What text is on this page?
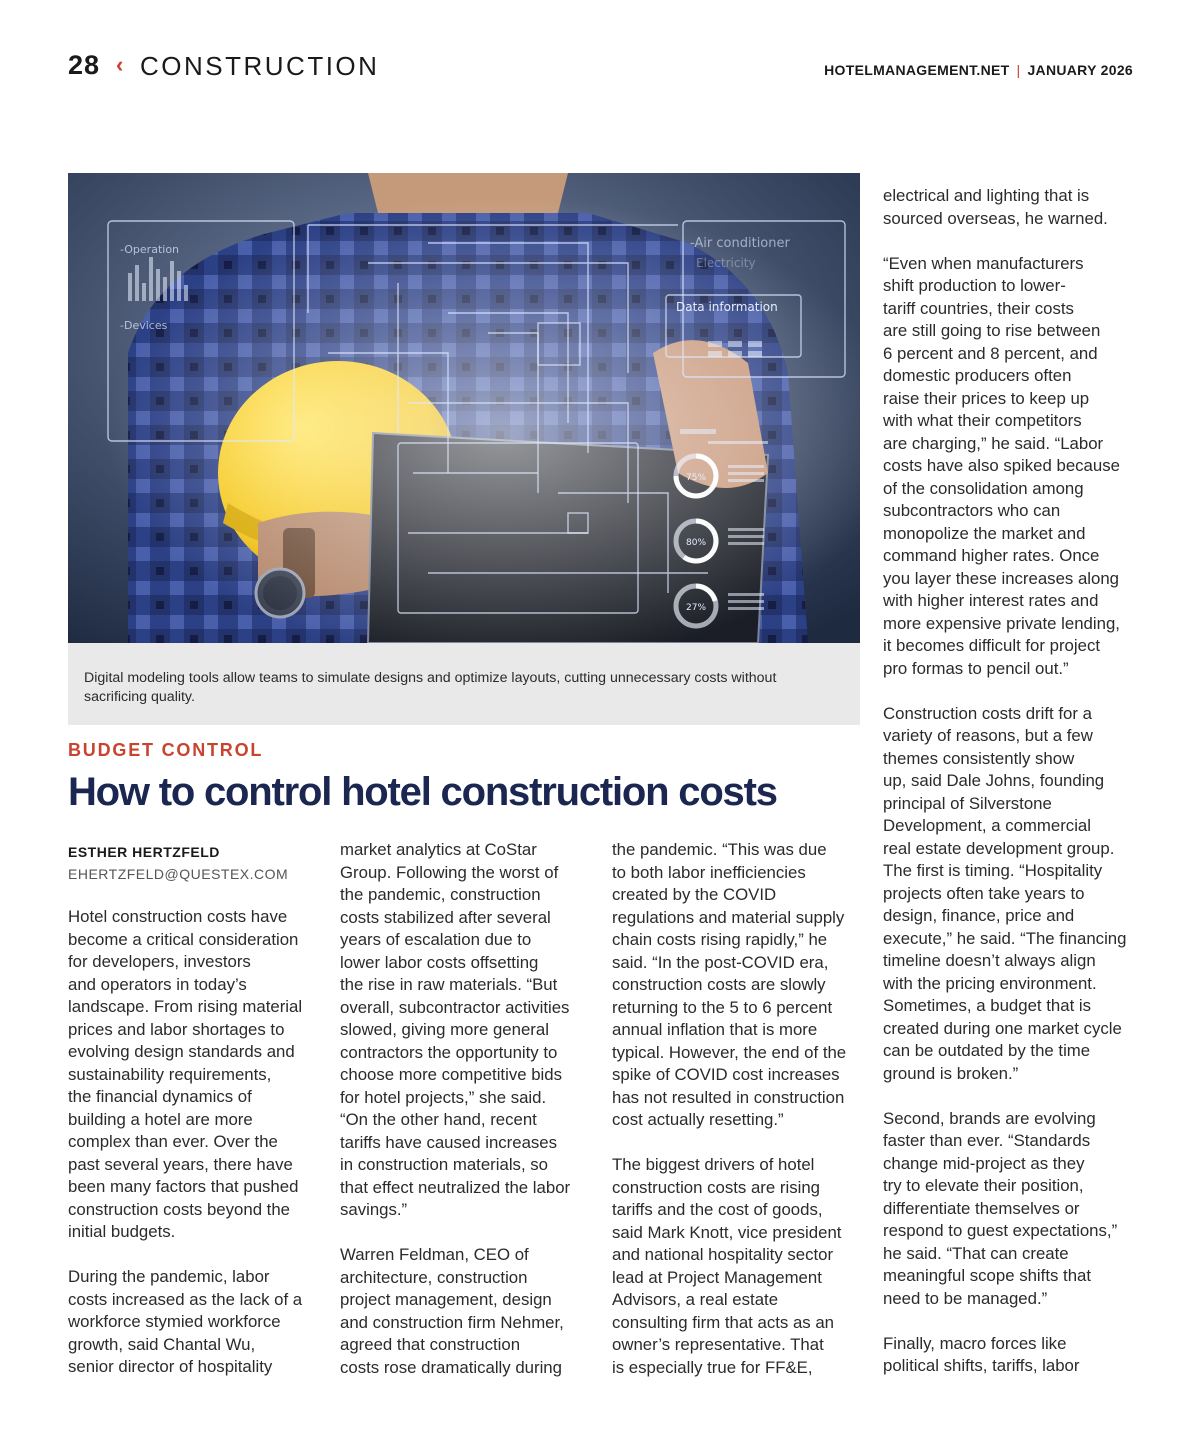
28 ‹ CONSTRUCTION	HOTELMANAGEMENT.NET | JANUARY 2026
-Operation
-Devices
-Air conditioner
Electricity
Data information
75%
80%
27%
Digital modeling tools allow teams to simulate designs and optimize layouts, cutting unnecessary costs without
sacrificing quality.
BUDGET CONTROL
How to control hotel construction costs
ESTHER HERTZFELD
EHERTZFELD@QUESTEX.COM
Hotel construction costs have
become a critical consideration
for developers, investors
and operators in today’s
landscape. From rising material
prices and labor shortages to
evolving design standards and
sustainability requirements,
the financial dynamics of
building a hotel are more
complex than ever. Over the
past several years, there have
been many factors that pushed
construction costs beyond the
initial budgets.
During the pandemic, labor
costs increased as the lack of a
workforce stymied workforce
growth, said Chantal Wu,
senior director of hospitality
market analytics at CoStar
Group. Following the worst of
the pandemic, construction
costs stabilized after several
years of escalation due to
lower labor costs offsetting
the rise in raw materials. “But
overall, subcontractor activities
slowed, giving more general
contractors the opportunity to
choose more competitive bids
for hotel projects,” she said.
“On the other hand, recent
tariffs have caused increases
in construction materials, so
that effect neutralized the labor
savings.”
Warren Feldman, CEO of
architecture, construction
project management, design
and construction firm Nehmer,
agreed that construction
costs rose dramatically during
the pandemic. “This was due
to both labor inefficiencies
created by the COVID
regulations and material supply
chain costs rising rapidly,” he
said. “In the post-COVID era,
construction costs are slowly
returning to the 5 to 6 percent
annual inflation that is more
typical. However, the end of the
spike of COVID cost increases
has not resulted in construction
cost actually resetting.”
The biggest drivers of hotel
construction costs are rising
tariffs and the cost of goods,
said Mark Knott, vice president
and national hospitality sector
lead at Project Management
Advisors, a real estate
consulting firm that acts as an
owner’s representative. That
is especially true for FF&E,
electrical and lighting that is
sourced overseas, he warned.
“Even when manufacturers
shift production to lower-
tariff countries, their costs
are still going to rise between
6 percent and 8 percent, and
domestic producers often
raise their prices to keep up
with what their competitors
are charging,” he said. “Labor
costs have also spiked because
of the consolidation among
subcontractors who can
monopolize the market and
command higher rates. Once
you layer these increases along
with higher interest rates and
more expensive private lending,
it becomes difficult for project
pro formas to pencil out.”
Construction costs drift for a
variety of reasons, but a few
themes consistently show
up, said Dale Johns, founding
principal of Silverstone
Development, a commercial
real estate development group.
The first is timing. “Hospitality
projects often take years to
design, finance, price and
execute,” he said. “The financing
timeline doesn’t always align
with the pricing environment.
Sometimes, a budget that is
created during one market cycle
can be outdated by the time
ground is broken.”
Second, brands are evolving
faster than ever. “Standards
change mid-project as they
try to elevate their position,
differentiate themselves or
respond to guest expectations,”
he said. “That can create
meaningful scope shifts that
need to be managed.”
Finally, macro forces like
political shifts, tariffs, labor
